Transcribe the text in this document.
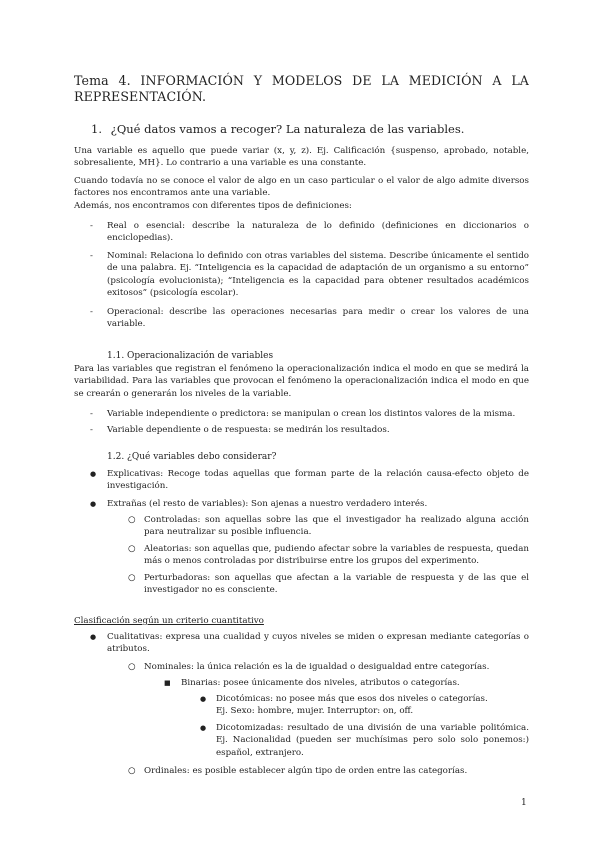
Tema 4. INFORMACIÓN Y MODELOS DE LA MEDICIÓN A LA REPRESENTACIÓN.
1. ¿Qué datos vamos a recoger? La naturaleza de las variables.
Una variable es aquello que puede variar (x, y, z). Ej. Calificación {suspenso, aprobado, notable, sobresaliente, MH}. Lo contrario a una variable es una constante.
Cuando todavía no se conoce el valor de algo en un caso particular o el valor de algo admite diversos factores nos encontramos ante una variable.
Además, nos encontramos con diferentes tipos de definiciones:
- Real o esencial: describe la naturaleza de lo definido (definiciones en diccionarios o enciclopedias).
- Nominal: Relaciona lo definido con otras variables del sistema. Describe únicamente el sentido de una palabra. Ej. “Inteligencia es la capacidad de adaptación de un organismo a su entorno” (psicología evolucionista); “Inteligencia es la capacidad para obtener resultados académicos exitosos” (psicología escolar).
- Operacional: describe las operaciones necesarias para medir o crear los valores de una variable.
1.1. Operacionalización de variables
Para las variables que registran el fenómeno la operacionalización indica el modo en que se medirá la variabilidad. Para las variables que provocan el fenómeno la operacionalización indica el modo en que se crearán o generarán los niveles de la variable.
- Variable independiente o predictora: se manipulan o crean los distintos valores de la misma.
- Variable dependiente o de respuesta: se medirán los resultados.
1.2. ¿Qué variables debo considerar?
● Explicativas: Recoge todas aquellas que forman parte de la relación causa-efecto objeto de investigación.
● Extrañas (el resto de variables): Son ajenas a nuestro verdadero interés.
○ Controladas: son aquellas sobre las que el investigador ha realizado alguna acción para neutralizar su posible influencia.
○ Aleatorias: son aquellas que, pudiendo afectar sobre la variables de respuesta, quedan más o menos controladas por distribuirse entre los grupos del experimento.
○ Perturbadoras: son aquellas que afectan a la variable de respuesta y de las que el investigador no es consciente.
Clasificación según un criterio cuantitativo
● Cualitativas: expresa una cualidad y cuyos niveles se miden o expresan mediante categorías o atributos.
○ Nominales: la única relación es la de igualdad o desigualdad entre categorías.
■ Binarias: posee únicamente dos niveles, atributos o categorías.
● Dicotómicas: no posee más que esos dos niveles o categorías.
Ej. Sexo: hombre, mujer. Interruptor: on, off.
● Dicotomizadas: resultado de una división de una variable politómica. Ej. Nacionalidad (pueden ser muchísimas pero solo solo ponemos:) español, extranjero.
○ Ordinales: es posible establecer algún tipo de orden entre las categorías.
1
